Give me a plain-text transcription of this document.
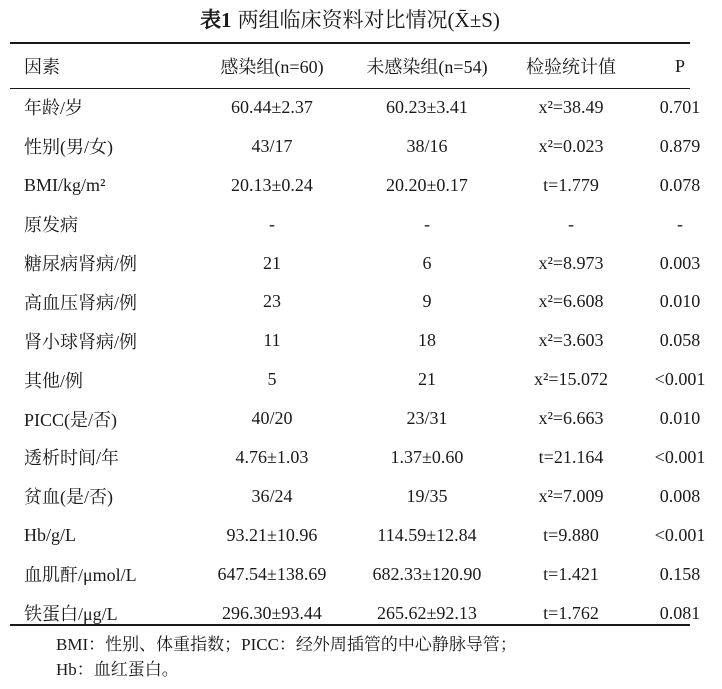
表1 两组临床资料对比情况(X̄±S)
因素	感染组(n=60)	未感染组(n=54)	检验统计值	P
年龄/岁	60.44±2.37	60.23±3.41	x²=38.49	0.701
性别(男/女)	43/17	38/16	x²=0.023	0.879
BMI/kg/m²	20.13±0.24	20.20±0.17	t=1.779	0.078
原发病	-	-	-	-
糖尿病肾病/例	21	6	x²=8.973	0.003
高血压肾病/例	23	9	x²=6.608	0.010
肾小球肾病/例	11	18	x²=3.603	0.058
其他/例	5	21	x²=15.072	<0.001
PICC(是/否)	40/20	23/31	x²=6.663	0.010
透析时间/年	4.76±1.03	1.37±0.60	t=21.164	<0.001
贫血(是/否)	36/24	19/35	x²=7.009	0.008
Hb/g/L	93.21±10.96	114.59±12.84	t=9.880	<0.001
血肌酐/μmol/L	647.54±138.69	682.33±120.90	t=1.421	0.158
铁蛋白/μg/L	296.30±93.44	265.62±92.13	t=1.762	0.081
BMI：性别、体重指数；PICC：经外周插管的中心静脉导管；
Hb：血红蛋白。
